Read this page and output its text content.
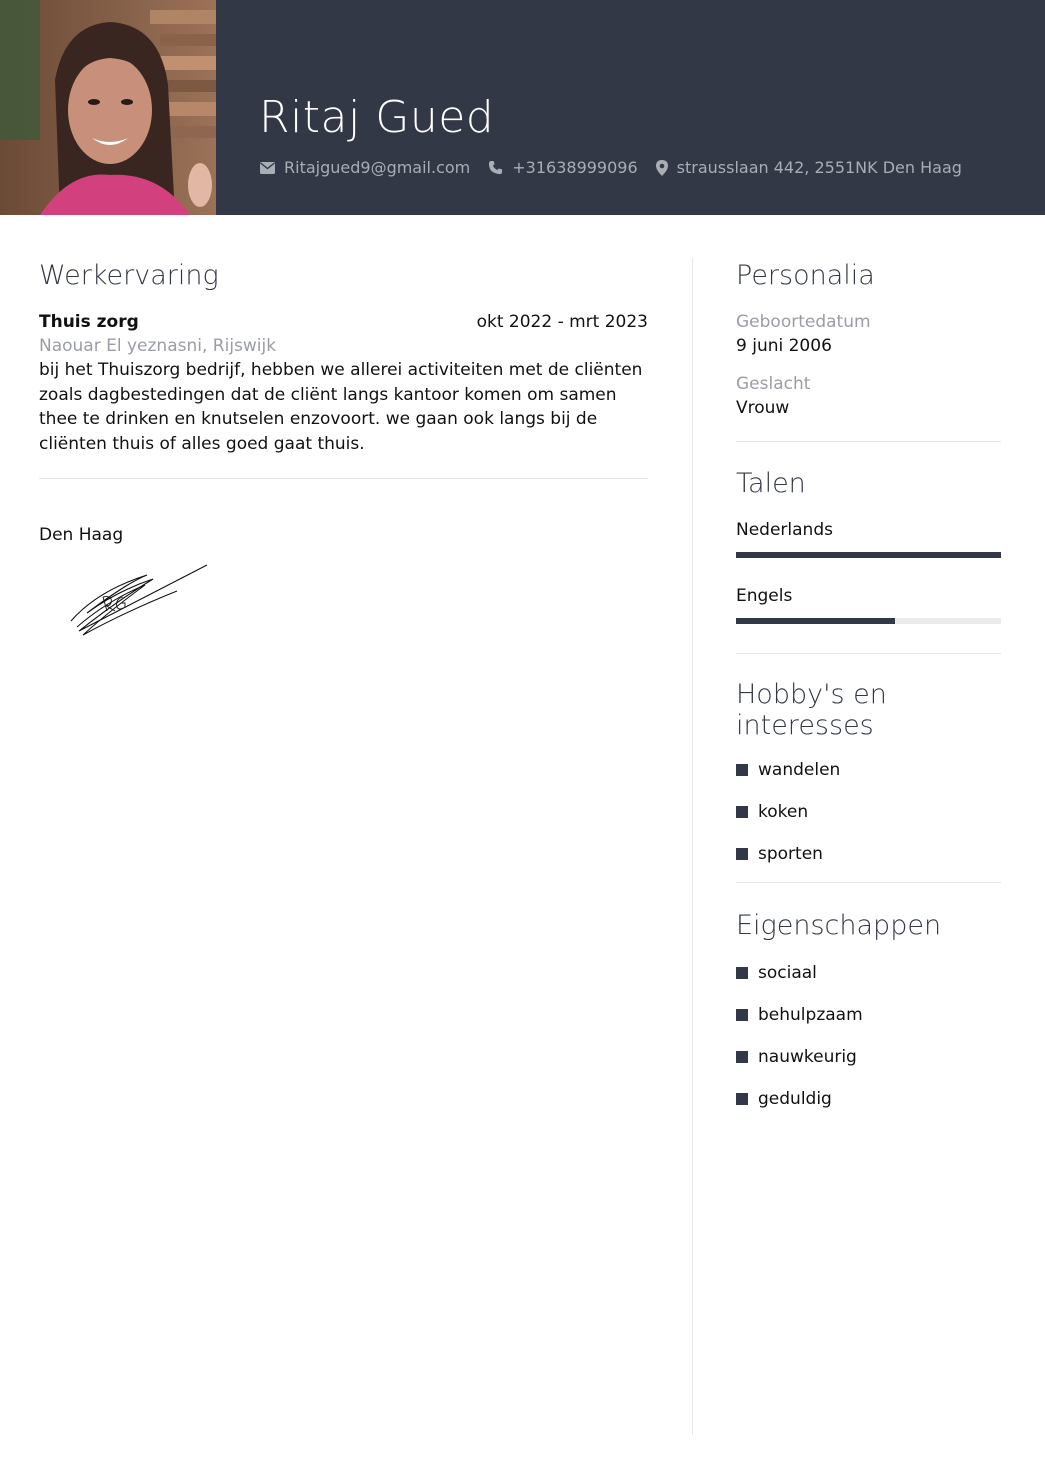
Ritaj Gued
Ritajgued9@gmail.com	+31638999096 strausslaan 442, 2551NK Den Haag
Werkervaring
Thuis zorg	okt 2022 - mrt 2023
Naouar El yeznasni, Rijswijk
bij het Thuiszorg bedrijf, hebben we allerei activiteiten met de cliënten zoals dagbestedingen dat de cliënt langs kantoor komen om samen thee te drinken en knutselen enzovoort. we gaan ook langs bij de cliënten thuis of alles goed gaat thuis.
Den Haag
Personalia
Geboortedatum
9 juni 2006
Geslacht
Vrouw
Talen
Nederlands
Engels
Hobby's en interesses
wandelen
koken
sporten
Eigenschappen
sociaal
behulpzaam
nauwkeurig
geduldig
